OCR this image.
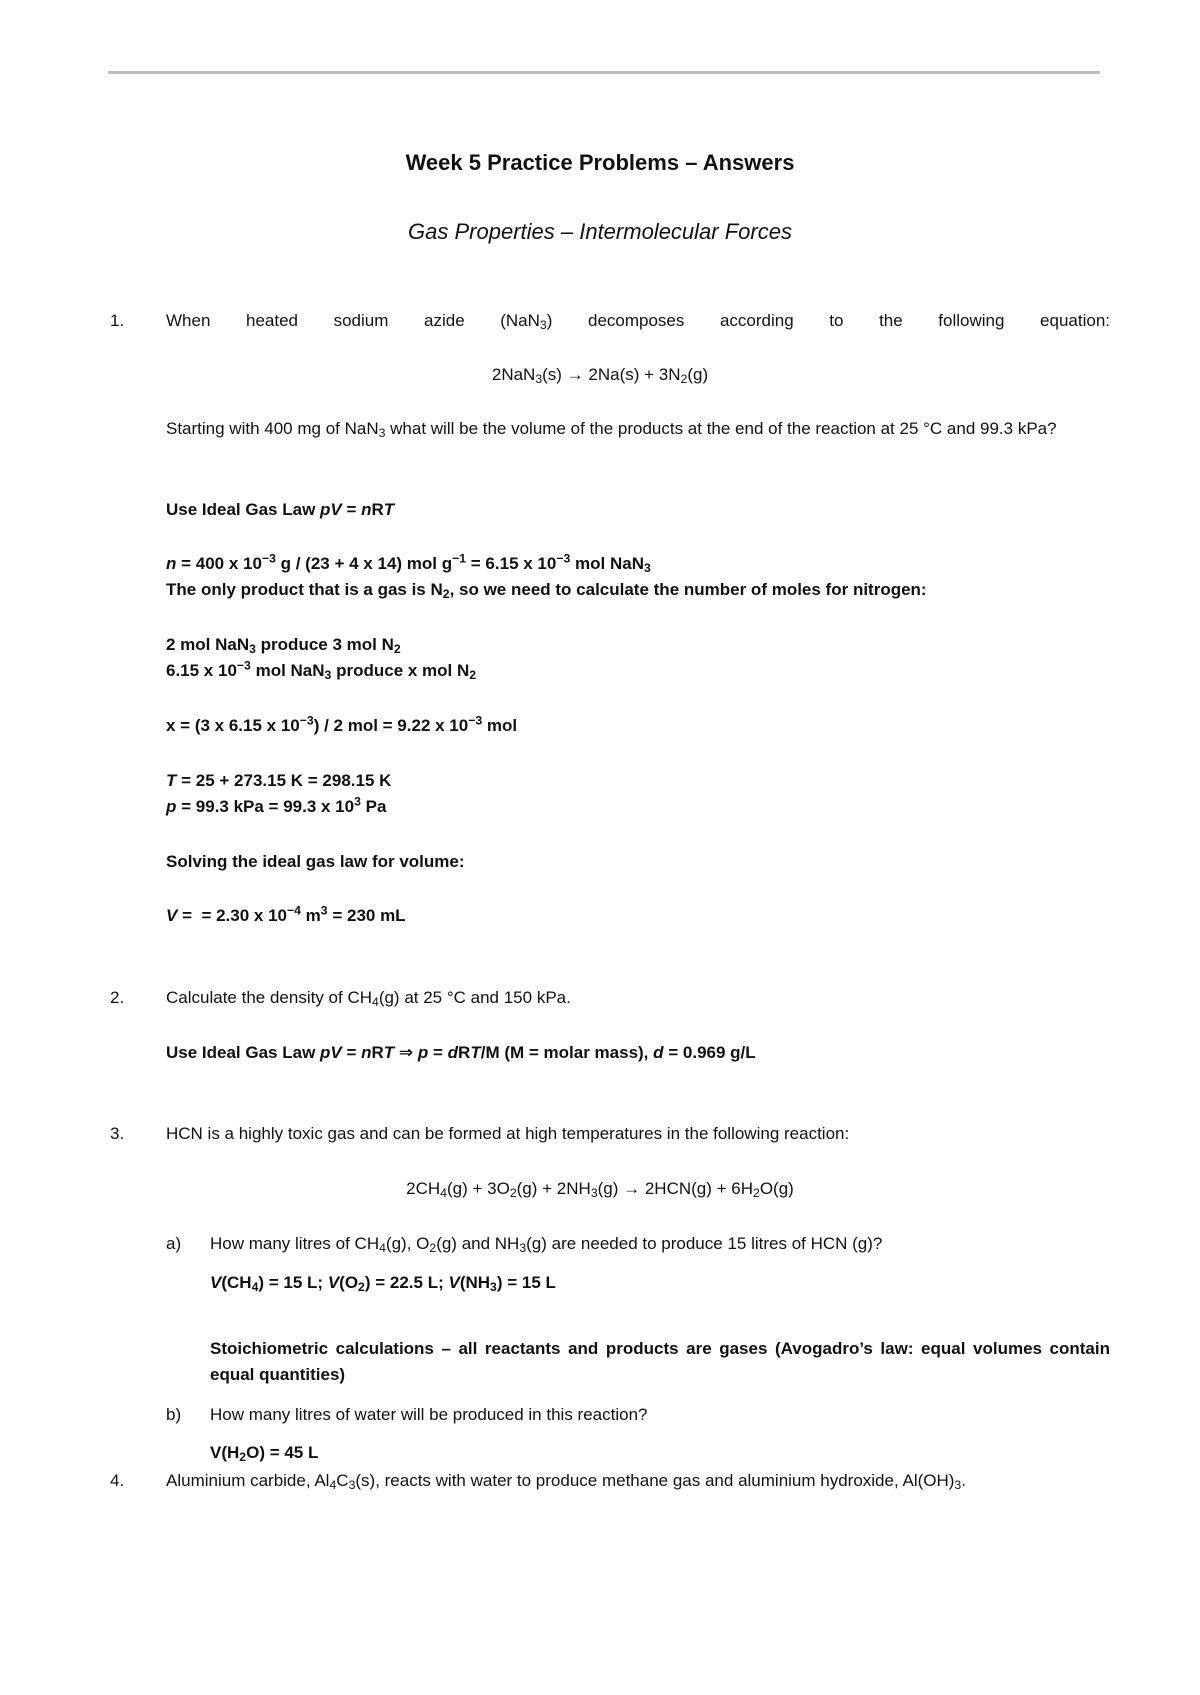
Week 5 Practice Problems – Answers
Gas Properties – Intermolecular Forces
1. When heated sodium azide (NaN$_3$) decomposes according to the following equation:
$2NaN_3(s) \to 2Na(s) + 3N_2(g)$
Starting with 400 mg of NaN$_3$ what will be the volume of the products at the end of the reaction at 25 °C and 99.3 kPa?
Use Ideal Gas Law pV = nRT
n = 400 x $10^{-3}$ g / (23 + 4 x 14) mol $g^{-1} = 6.15$ x $10^{-3}$ mol NaN$_3$
The only product that is a gas is $N_2$, so we need to calculate the number of moles for nitrogen:
2 mol NaN$_3$ produce 3 mol $N_2$
6.15 x $10^{-3}$ mol NaN$_3$ produce x mol $N_2$
x = (3 x 6.15 x $10^{-3}) / 2$ mol = 9.22 x $10^{-3}$ mol
T = 25 + 273.15 K = 298.15 K
p = 99.3 kPa = 99.3 x $10^3$ Pa
Solving the ideal gas law for volume:
V =  = 2.30 x $10^{-4}$ $m^3 = 230$ mL
2. Calculate the density of $CH_4(g)$ at 25 °C and 150 kPa.
Use Ideal Gas Law pV = nRT ⇒ p = dRT/M (M = molar mass), d = 0.969 g/L
3. HCN is a highly toxic gas and can be formed at high temperatures in the following reaction:
$2CH_4(g) + 3O_2(g) + 2NH_3(g) \to 2HCN(g) + 6H_2O(g)$
a) How many litres of $CH_4(g)$, $O_2(g)$ and $NH_3(g)$ are needed to produce 15 litres of HCN (g)?
$V(CH_4) = 15$ L; $V(O_2) = 22.5$ L; $V(NH_3) = 15$ L
Stoichiometric calculations – all reactants and products are gases (Avogadro’s law: equal volumes contain equal quantities)
b) How many litres of water will be produced in this reaction?
$V(H_2O) = 45$ L
4. Aluminium carbide, $Al_4C_3(s)$, reacts with water to produce methane gas and aluminium hydroxide, $Al(OH)_3$.
